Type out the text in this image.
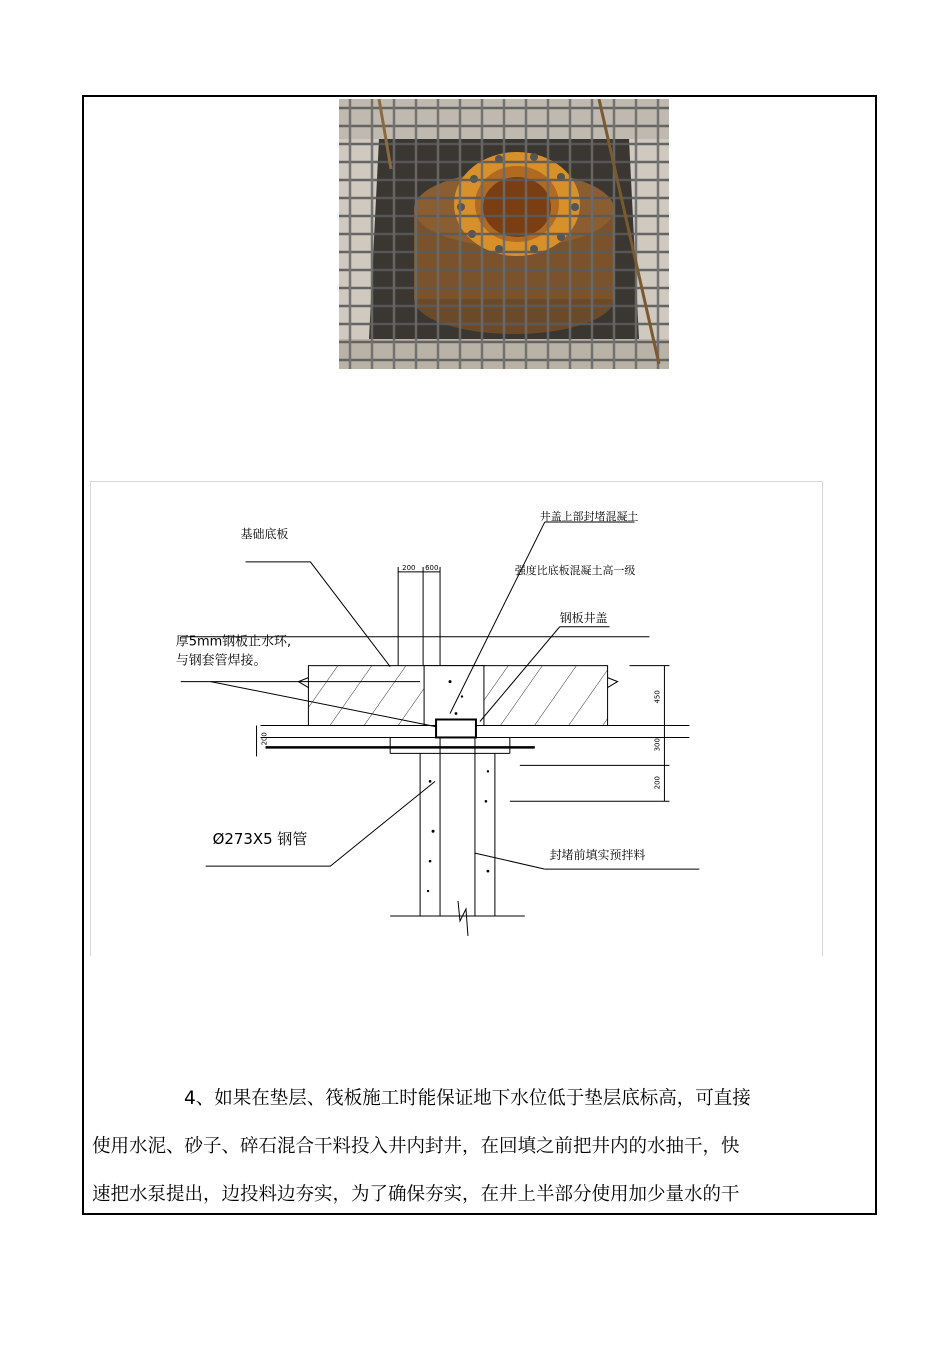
基础底板
井盖上部封堵混凝土
强度比底板混凝土高一级
钢板井盖
厚5mm钢板止水环,
与钢套管焊接。
Ø273X5 钢管
封堵前填实预拌料
200 600
450
300
200
200

4、如果在垫层、筏板施工时能保证地下水位低于垫层底标高，可直接

使用水泥、砂子、碎石混合干料投入井内封井，在回填之前把井内的水抽干，快

速把水泵提出，边投料边夯实，为了确保夯实，在井上半部分使用加少量水的干
